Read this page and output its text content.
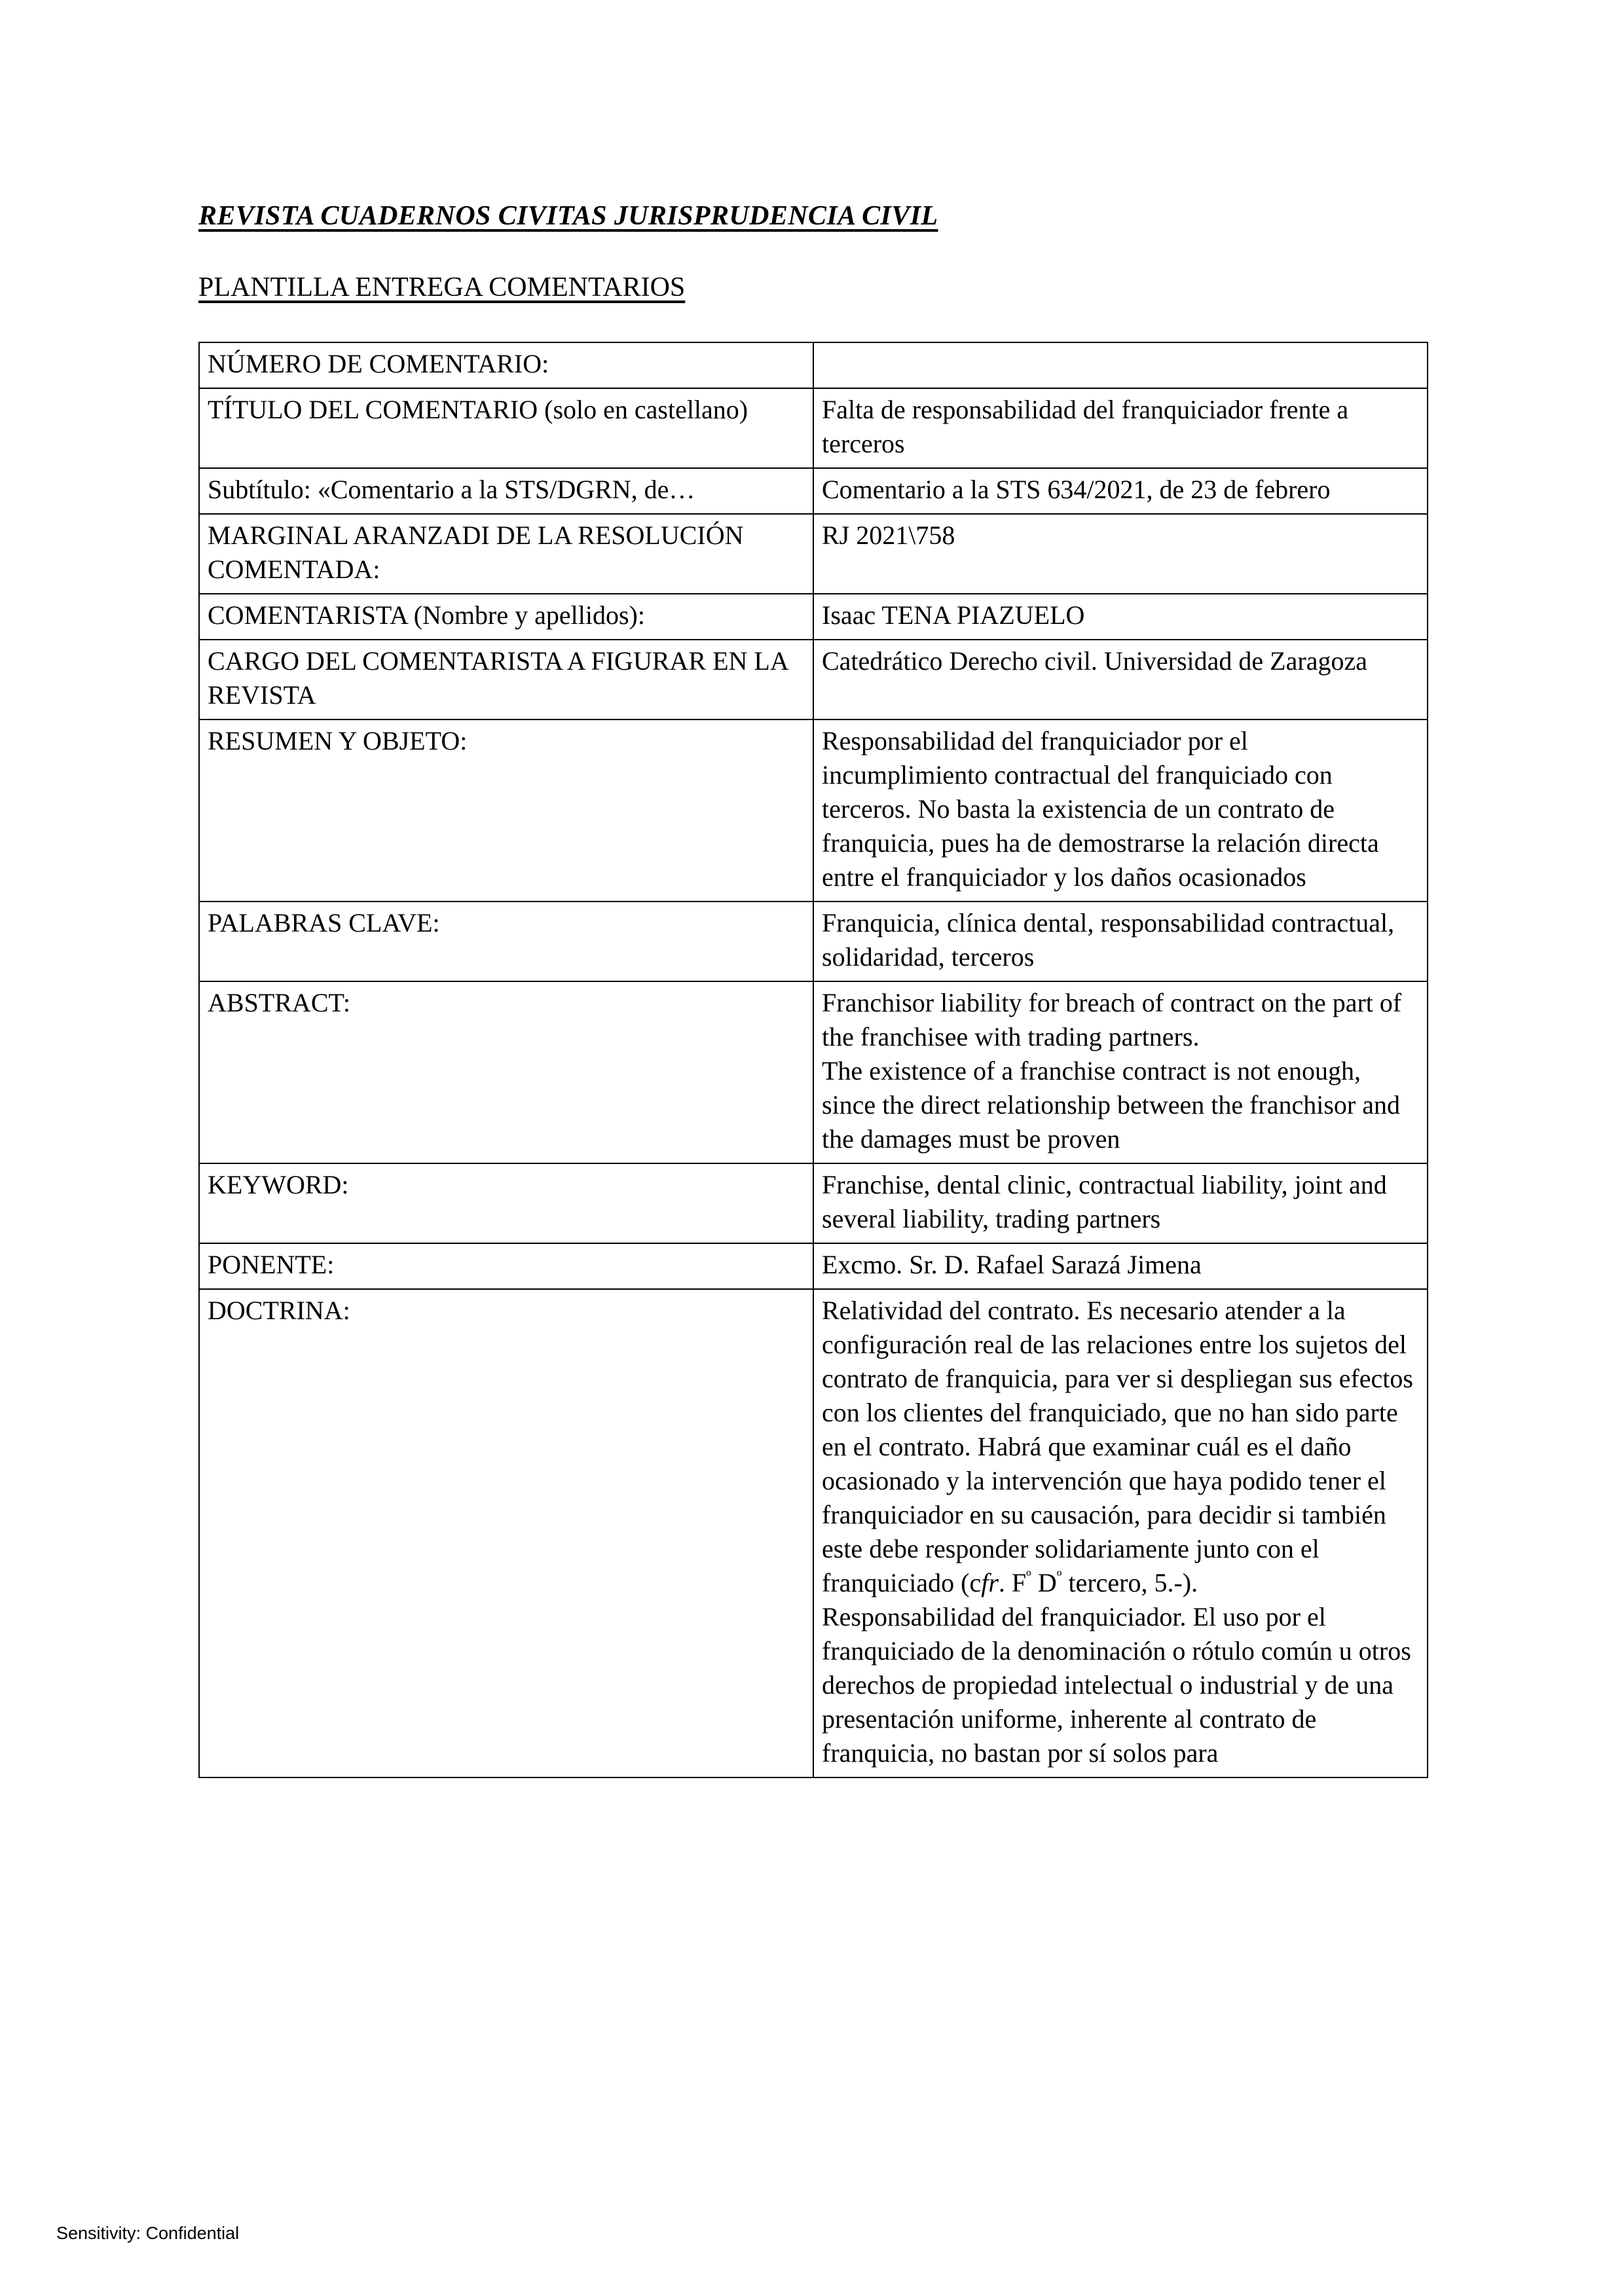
REVISTA CUADERNOS CIVITAS JURISPRUDENCIA CIVIL
PLANTILLA ENTREGA COMENTARIOS
NÚMERO DE COMENTARIO:	
TÍTULO DEL COMENTARIO (solo en castellano)	Falta de responsabilidad del franquiciador frente a terceros
Subtítulo: «Comentario a la STS/DGRN, de…	Comentario a la STS 634/2021, de 23 de febrero
MARGINAL ARANZADI DE LA RESOLUCIÓN COMENTADA:	RJ 2021\758
COMENTARISTA (Nombre y apellidos):	Isaac TENA PIAZUELO
CARGO DEL COMENTARISTA A FIGURAR EN LA REVISTA	Catedrático Derecho civil. Universidad de Zaragoza
RESUMEN Y OBJETO:	Responsabilidad del franquiciador por el incumplimiento contractual del franquiciado con terceros. No basta la existencia de un contrato de franquicia, pues ha de demostrarse la relación directa entre el franquiciador y los daños ocasionados
PALABRAS CLAVE:	Franquicia, clínica dental, responsabilidad contractual, solidaridad, terceros
ABSTRACT:	Franchisor liability for breach of contract on the part of the franchisee with trading partners.
The existence of a franchise contract is not enough, since the direct relationship between the franchisor and the damages must be proven

KEYWORD:	Franchise, dental clinic, contractual liability, joint and several liability, trading partners
PONENTE:	Excmo. Sr. D. Rafael Sarazá Jimena
DOCTRINA:	Relatividad del contrato. Es necesario atender a la configuración real de las relaciones entre los sujetos del contrato de franquicia, para ver si despliegan sus efectos con los clientes del franquiciado, que no han sido parte en el contrato. Habrá que examinar cuál es el daño ocasionado y la intervención que haya podido tener el franquiciador en su causación, para decidir si también este debe responder solidariamente junto con el franquiciado (cfr. $F^º$ $D^º$ tercero, 5.-).
Responsabilidad del franquiciador. El uso por el franquiciado de la denominación o rótulo común u otros derechos de propiedad intelectual o industrial y de una presentación uniforme, inherente al contrato de franquicia, no bastan por sí solos para
Sensitivity: Confidential
